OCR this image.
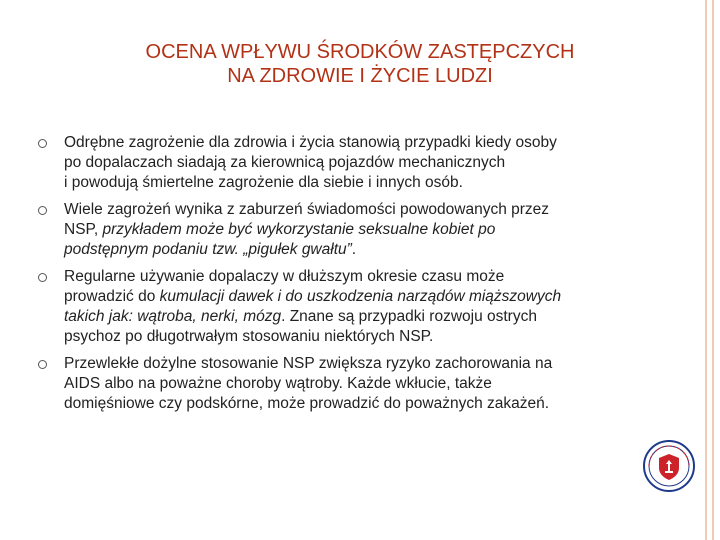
OCENA WPŁYWU ŚRODKÓW ZASTĘPCZYCH
NA ZDROWIE I ŻYCIE LUDZI
Odrębne zagrożenie dla zdrowia i życia stanowią przypadki kiedy osoby
po dopalaczach siadają za kierownicą pojazdów mechanicznych
i powodują śmiertelne zagrożenie dla siebie i innych osób.
Wiele zagrożeń wynika z zaburzeń świadomości powodowanych przez
NSP, przykładem może być wykorzystanie seksualne kobiet po
podstępnym podaniu tzw. „pigułek gwałtu”.
Regularne używanie dopalaczy w dłuższym okresie czasu może
prowadzić do kumulacji dawek i do uszkodzenia narządów miąższowych
takich jak: wątroba, nerki, mózg. Znane są przypadki rozwoju ostrych
psychoz po długotrwałym stosowaniu niektórych NSP.
Przewlekłe dożylne stosowanie NSP zwiększa ryzyko zachorowania na
AIDS albo na poważne choroby wątroby. Każde wkłucie, także
domięśniowe czy podskórne, może prowadzić do poważnych zakażeń.
